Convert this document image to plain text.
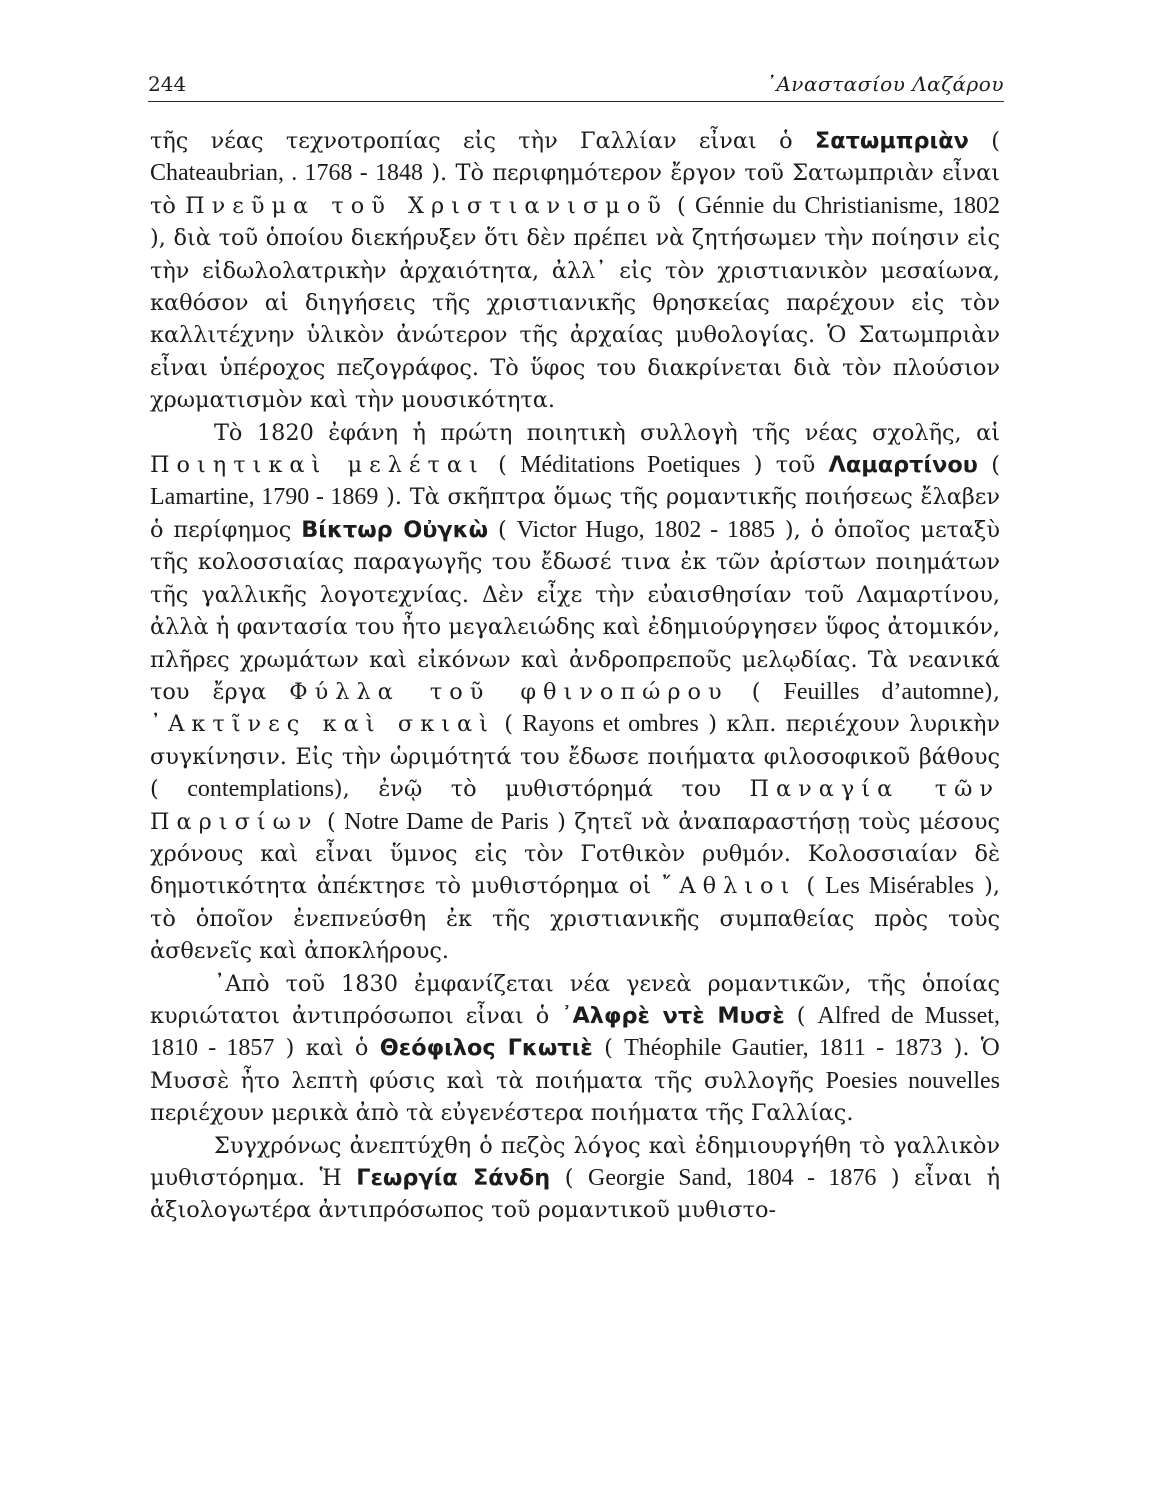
244	᾿Αναστασίου Λαζάρου

τῆς νέας τεχνοτροπίας εἰς τὴν Γαλλίαν εἶναι ὁ Σατωμπριὰν ( Chateaubrian, . 1768 - 1848 ). Τὸ περιφημότερον ἔργον τοῦ Σατωμπριὰν εἶναι τὸ Πνεῦμα τοῦ Χριστιανισμοῦ ( Génnie du Christianisme, 1802 ), διὰ τοῦ ὁποίου διεκήρυξεν ὅτι δὲν πρέπει νὰ ζητήσωμεν τὴν ποίησιν εἰς τὴν εἰδωλολατρικὴν ἀρχαιότητα, ἀλλ᾿ εἰς τὸν χριστιανικὸν μεσαίωνα, καθόσον αἱ διηγήσεις τῆς χριστιανικῆς θρησκείας παρέχουν εἰς τὸν καλλιτέχνην ὑλικὸν ἀνώτερον τῆς ἀρχαίας μυθολογίας. Ὁ Σατωμπριὰν εἶναι ὑπέροχος πεζογράφος. Τὸ ὕφος του διακρίνεται διὰ τὸν πλούσιον χρωματισμὸν καὶ τὴν μουσικότητα.

Τὸ 1820 ἐφάνη ἡ πρώτη ποιητικὴ συλλογὴ τῆς νέας σχολῆς, αἱ Ποιητικαὶ μελέται ( Méditations Poetiques ) τοῦ Λαμαρτίνου ( Lamartine, 1790 - 1869 ). Τὰ σκῆπτρα ὅμως τῆς ρομαντικῆς ποιήσεως ἔλαβεν ὁ περίφημος Βίκτωρ Οὐγκὼ ( Victor Hugo, 1802 - 1885 ), ὁ ὁποῖος μεταξὺ τῆς κολοσσιαίας παραγωγῆς του ἔδωσέ τινα ἐκ τῶν ἀρίστων ποιημάτων τῆς γαλλικῆς λογοτεχνίας. Δὲν εἶχε τὴν εὐαισθησίαν τοῦ Λαμαρτίνου, ἀλλὰ ἡ φαντασία του ἦτο μεγαλειώδης καὶ ἐδημιούργησεν ὕφος ἀτομικόν, πλῆρες χρωμάτων καὶ εἰκόνων καὶ ἀνδροπρεποῦς μελῳδίας. Τὰ νεανικά του ἔργα Φύλλα τοῦ φθινοπώρου ( Feuilles d’automne), ᾿Ακτῖνες καὶ σκιαὶ ( Rayons et ombres ) κλπ. περιέχουν λυρικὴν συγκίνησιν. Εἰς τὴν ὡριμότητά του ἔδωσε ποιήματα φιλοσοφικοῦ βάθους ( contemplations), ἐνῷ τὸ μυθιστόρημά του Παναγία τῶν Παρισίων ( Notre Dame de Paris ) ζητεῖ νὰ ἀναπαραστήσῃ τοὺς μέσους χρόνους καὶ εἶναι ὕμνος εἰς τὸν Γοτθικὸν ρυθμόν. Κολοσσιαίαν δὲ δημοτικότητα ἀπέκτησε τὸ μυθιστόρημα οἱ ῎Αθλιοι ( Les Misérables ), τὸ ὁποῖον ἐνεπνεύσθη ἐκ τῆς χριστιανικῆς συμπαθείας πρὸς τοὺς ἀσθενεῖς καὶ ἀποκλήρους.

᾿Απὸ τοῦ 1830 ἐμφανίζεται νέα γενεὰ ρομαντικῶν, τῆς ὁποίας κυριώτατοι ἀντιπρόσωποι εἶναι ὁ ᾿Αλφρὲ ντὲ Μυσὲ ( Alfred de Musset, 1810 - 1857 ) καὶ ὁ Θεόφιλος Γκωτιὲ ( Théophile Gautier, 1811 - 1873 ). Ὁ Μυσσὲ ἦτο λεπτὴ φύσις καὶ τὰ ποιήματα τῆς συλλογῆς Poesies nouvelles περιέχουν μερικὰ ἀπὸ τὰ εὐγενέστερα ποιήματα τῆς Γαλλίας.

Συγχρόνως ἀνεπτύχθη ὁ πεζὸς λόγος καὶ ἐδημιουργήθη τὸ γαλλικὸν μυθιστόρημα. Ἡ Γεωργία Σάνδη ( Georgie Sand, 1804 - 1876 ) εἶναι ἡ ἀξιολογωτέρα ἀντιπρόσωπος τοῦ ρομαντικοῦ μυθιστο-
